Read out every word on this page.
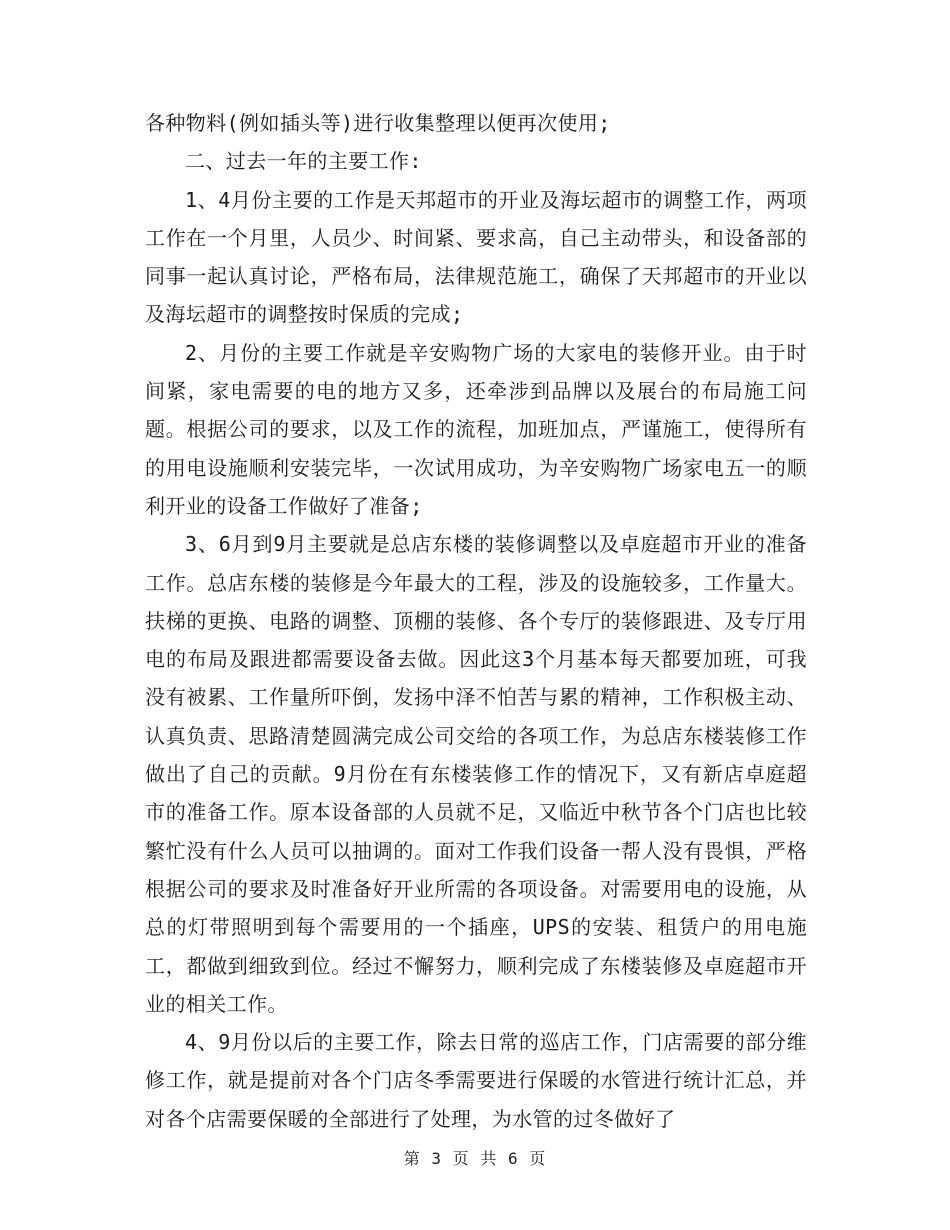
各种物料(例如插头等)进行收集整理以便再次使用;

二、过去一年的主要工作:

1、4月份主要的工作是天邦超市的开业及海坛超市的调整工作，两项工作在一个月里，人员少、时间紧、要求高，自己主动带头，和设备部的同事一起认真讨论，严格布局，法律规范施工，确保了天邦超市的开业以及海坛超市的调整按时保质的完成;

2、月份的主要工作就是辛安购物广场的大家电的装修开业。由于时间紧，家电需要的电的地方又多，还牵涉到品牌以及展台的布局施工问题。根据公司的要求，以及工作的流程，加班加点，严谨施工，使得所有的用电设施顺利安装完毕，一次试用成功，为辛安购物广场家电五一的顺利开业的设备工作做好了准备;

3、6月到9月主要就是总店东楼的装修调整以及卓庭超市开业的准备工作。总店东楼的装修是今年最大的工程，涉及的设施较多，工作量大。扶梯的更换、电路的调整、顶棚的装修、各个专厅的装修跟进、及专厅用电的布局及跟进都需要设备去做。因此这3个月基本每天都要加班，可我没有被累、工作量所吓倒，发扬中泽不怕苦与累的精神，工作积极主动、认真负责、思路清楚圆满完成公司交给的各项工作，为总店东楼装修工作做出了自己的贡献。9月份在有东楼装修工作的情况下，又有新店卓庭超市的准备工作。原本设备部的人员就不足，又临近中秋节各个门店也比较繁忙没有什么人员可以抽调的。面对工作我们设备一帮人没有畏惧，严格根据公司的要求及时准备好开业所需的各项设备。对需要用电的设施，从总的灯带照明到每个需要用的一个插座，UPS的安装、租赁户的用电施工，都做到细致到位。经过不懈努力，顺利完成了东楼装修及卓庭超市开业的相关工作。

4、9月份以后的主要工作，除去日常的巡店工作，门店需要的部分维修工作，就是提前对各个门店冬季需要进行保暖的水管进行统计汇总，并对各个店需要保暖的全部进行了处理，为水管的过冬做好了

第 3 页 共 6 页
